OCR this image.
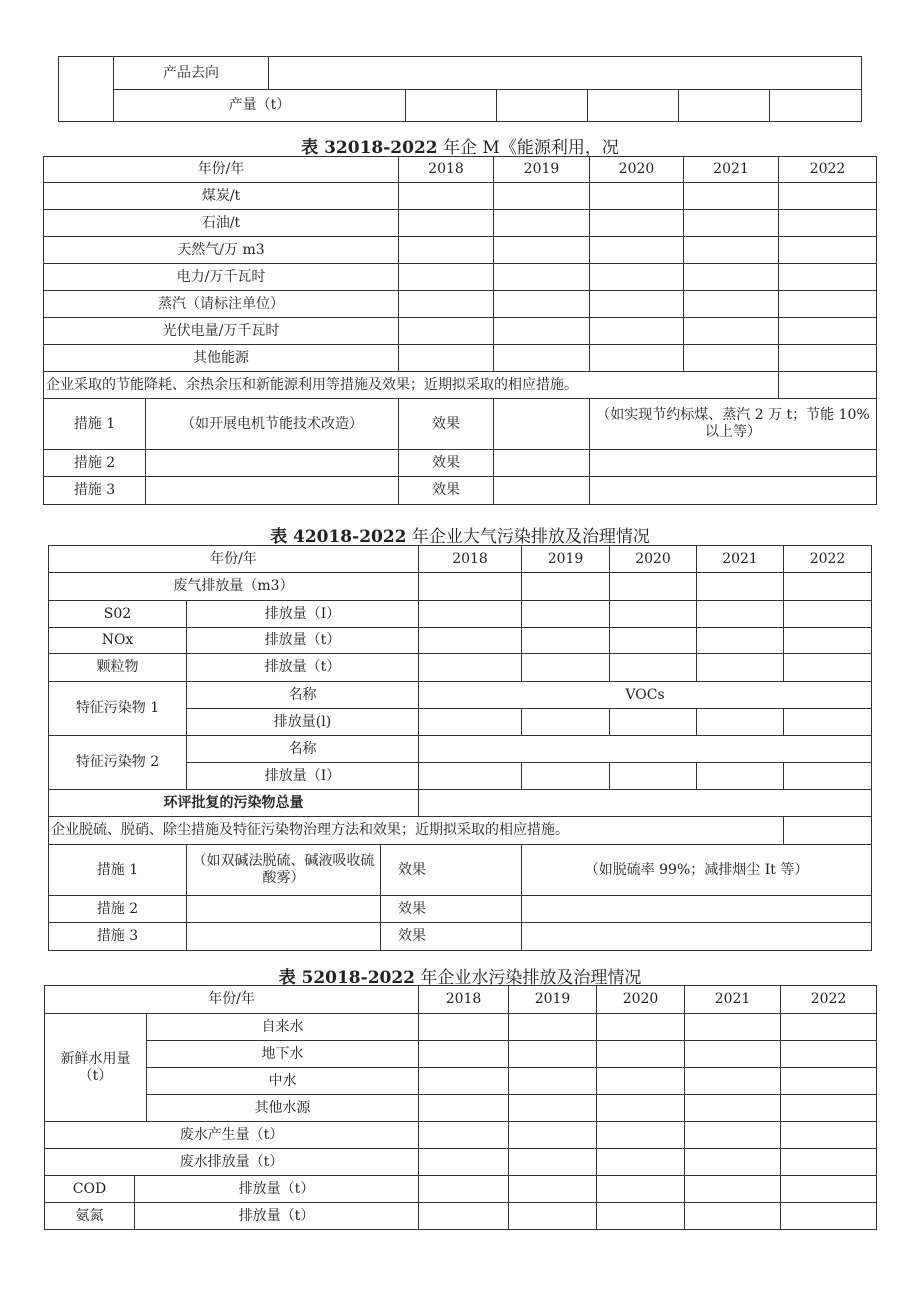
	产品去向						
	产量（t）						
表 32018-2022 年企 M《能源利用，况
年份/年		2018	2019	2020	2021	2022
煤炭/t						
石油/t						
天然气/万 m3						
电力/万千瓦时						
蒸汽（请标注单位）						
光伏电量/万千瓦时						
其他能源						
企业采取的节能降耗、余热余压和新能源利用等措施及效果；近期拟采取的相应措施。						
措施 1	（如开展电机节能技术改造）	效果		（如实现节约标煤、蒸汽 2 万 t；节能 10%以上等）		
措施 2		效果				
措施 3		效果				
表 42018-2022 年企业大气污染排放及治理情况
年份/年			2018	2019	2020	2021	2022
废气排放量（m3）							
S02	排放量（I）						
NOx	排放量（t）						
颗粒物	排放量（t）						
特征污染物 1	名称		VOCs				
	排放量(l)						
特征污染物 2	名称						
	排放量（I）						
环评批复的污染物总量							
企业脱硫、脱硝、除尘措施及特征污染物治理方法和效果；近期拟采取的相应措施。							
措施 1	（如双碱法脱硫、碱液吸收硫酸雾）	效果		（如脱硫率 99%；减排烟尘 It 等）			
措施 2		效果					
措施 3		效果					
表 52018-2022 年企业水污染排放及治理情况
年份/年			2018	2019	2020	2021	2022
新鲜水用量（t）		自来水					
		地下水					
		中水					
		其他水源					
废水产生量（t）							
废水排放量（t）							
COD	排放量（t）						
氨氮	排放量（t）						
